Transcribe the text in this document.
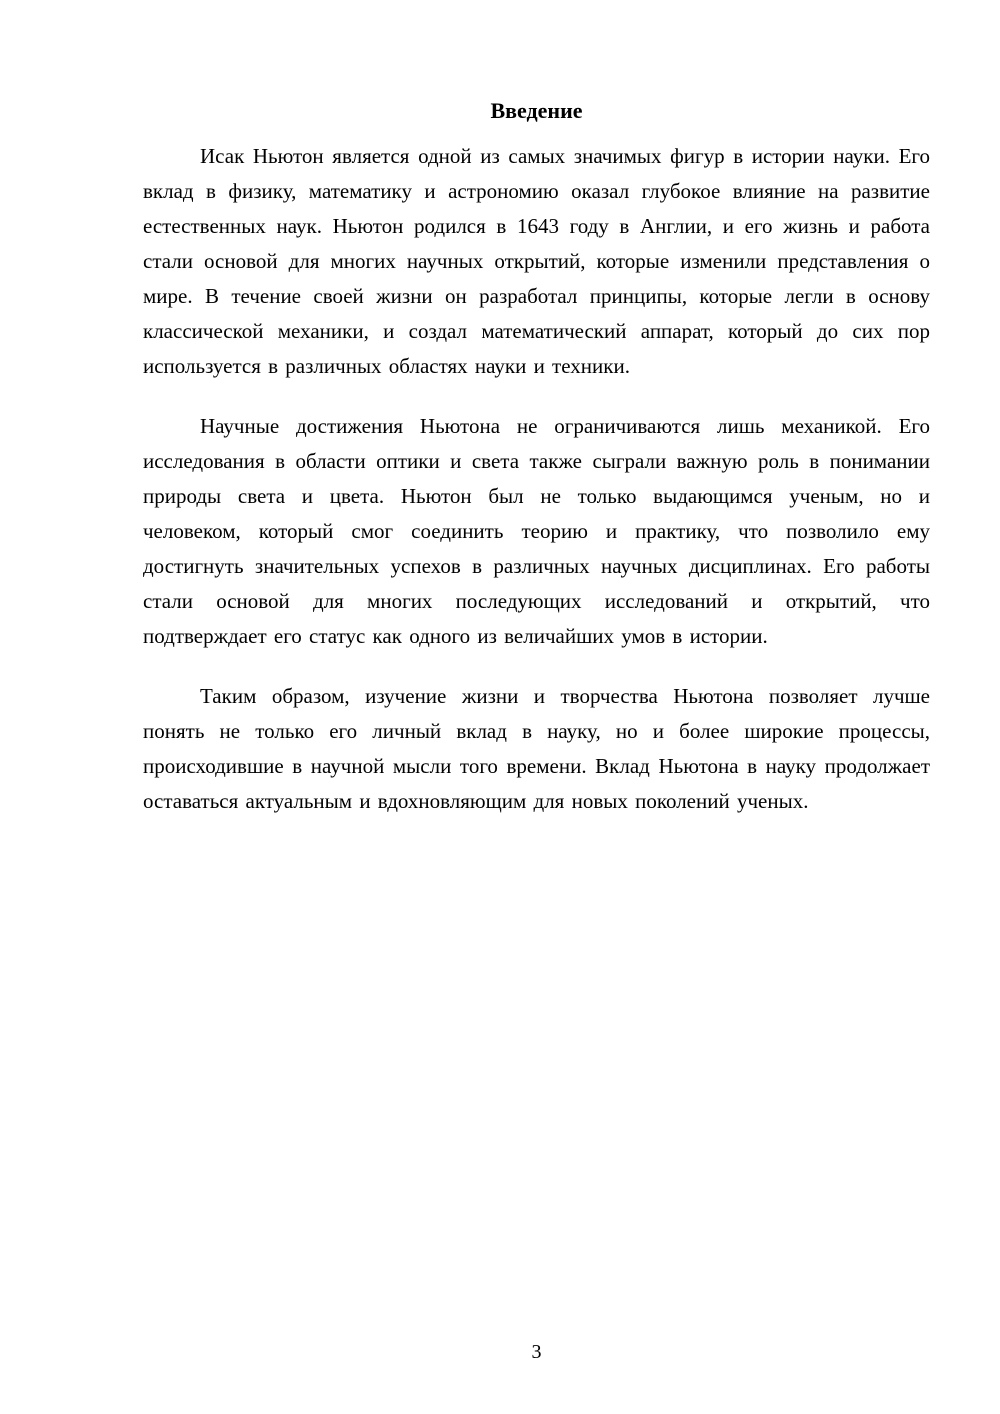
Введение

Исак Ньютон является одной из самых значимых фигур в истории науки. Его вклад в физику, математику и астрономию оказал глубокое влияние на развитие естественных наук. Ньютон родился в 1643 году в Англии, и его жизнь и работа стали основой для многих научных открытий, которые изменили представления о мире. В течение своей жизни он разработал принципы, которые легли в основу классической механики, и создал математический аппарат, который до сих пор используется в различных областях науки и техники.

Научные достижения Ньютона не ограничиваются лишь механикой. Его исследования в области оптики и света также сыграли важную роль в понимании природы света и цвета. Ньютон был не только выдающимся ученым, но и человеком, который смог соединить теорию и практику, что позволило ему достигнуть значительных успехов в различных научных дисциплинах. Его работы стали основой для многих последующих исследований и открытий, что подтверждает его статус как одного из величайших умов в истории.

Таким образом, изучение жизни и творчества Ньютона позволяет лучше понять не только его личный вклад в науку, но и более широкие процессы, происходившие в научной мысли того времени. Вклад Ньютона в науку продолжает оставаться актуальным и вдохновляющим для новых поколений ученых.

3
